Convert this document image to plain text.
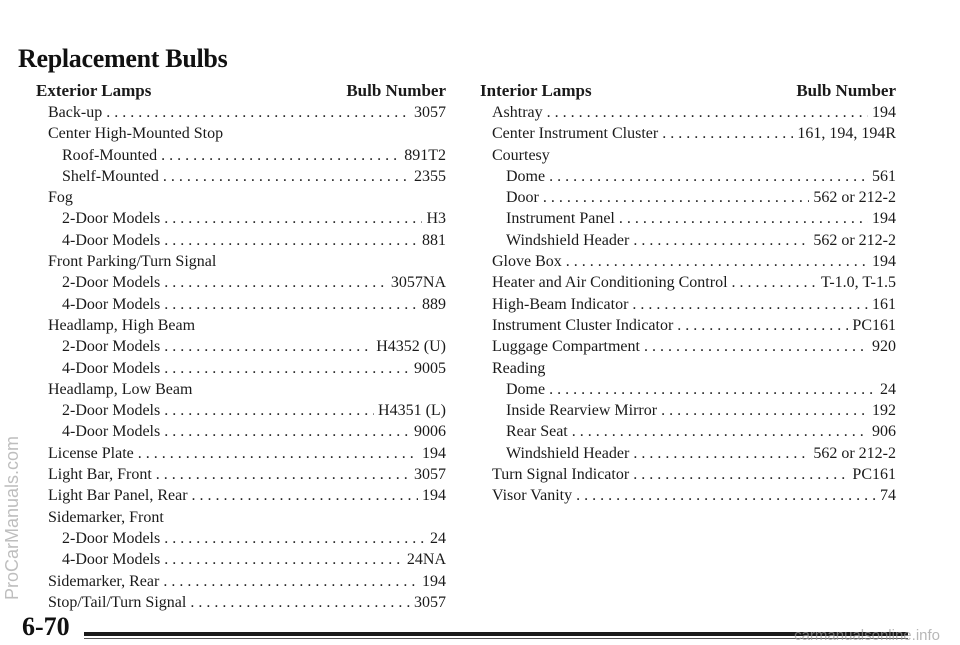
ProCarManuals.com
Replacement Bulbs
Exterior Lamps	Bulb Number
Back-up . . .	3057
Center High-Mounted Stop
Roof-Mounted . . .	891T2
Shelf-Mounted . . .	2355
Fog
2-Door Models . . .	H3
4-Door Models . . .	881
Front Parking/Turn Signal
2-Door Models . . .	3057NA
4-Door Models . . .	889
Headlamp, High Beam
2-Door Models . . .	H4352 (U)
4-Door Models . . .	9005
Headlamp, Low Beam
2-Door Models . . .	H4351 (L)
4-Door Models . . .	9006
License Plate . . .	194
Light Bar, Front . . .	3057
Light Bar Panel, Rear . . .	194
Sidemarker, Front
2-Door Models . . .	24
4-Door Models . . .	24NA
Sidemarker, Rear . . .	194
Stop/Tail/Turn Signal . . .	3057
Interior Lamps	Bulb Number
Ashtray . . .	194
Center Instrument Cluster . . .	161, 194, 194R
Courtesy
Dome . . .	561
Door . . .	562 or 212-2
Instrument Panel . . .	194
Windshield Header . . .	562 or 212-2
Glove Box . . .	194
Heater and Air Conditioning Control . . .	T-1.0, T-1.5
High-Beam Indicator . . .	161
Instrument Cluster Indicator . . .	PC161
Luggage Compartment . . .	920
Reading
Dome . . .	24
Inside Rearview Mirror . . .	192
Rear Seat . . .	906
Windshield Header . . .	562 or 212-2
Turn Signal Indicator . . .	PC161
Visor Vanity . . .	74
6-70	carmanualsonline.info
